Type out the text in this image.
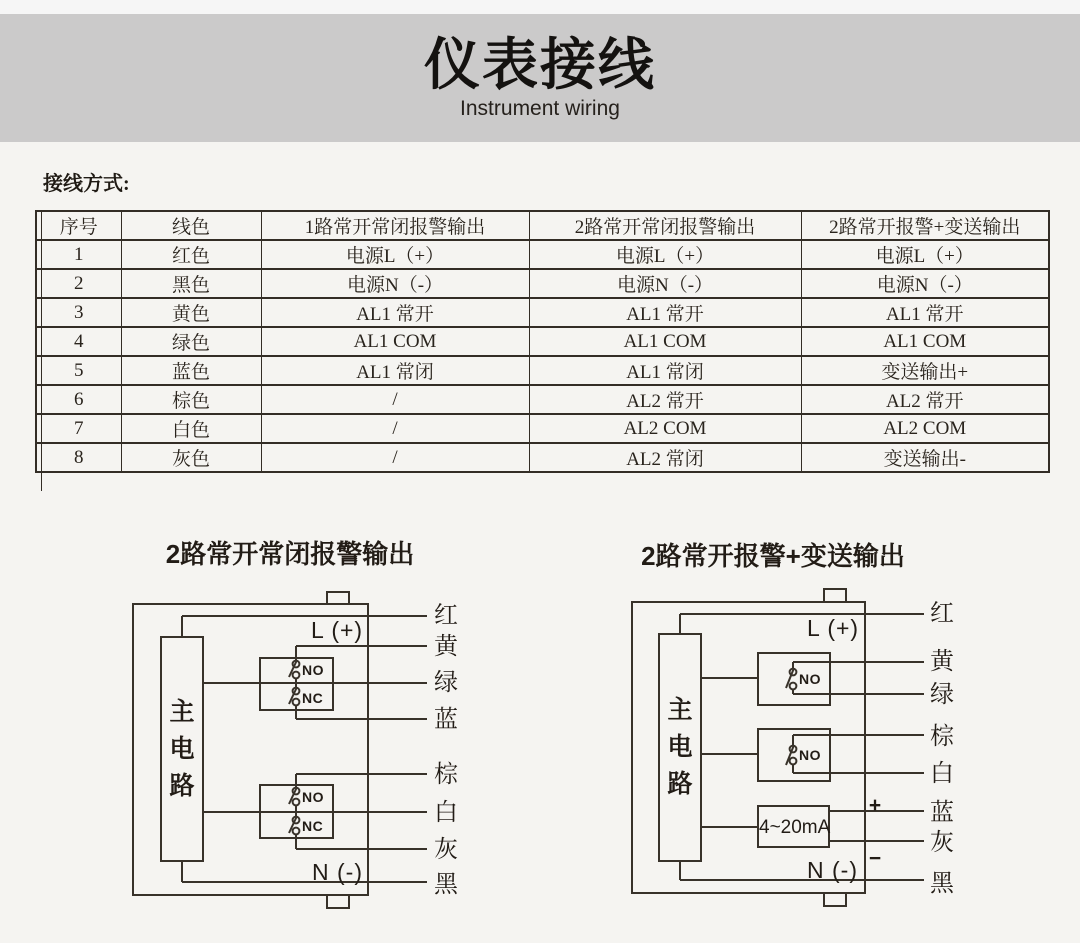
仪表接线
Instrument wiring
接线方式:
序号	线色	1路常开常闭报警输出	2路常开常闭报警输出	2路常开报警+变送输出
1	红色	电源L（+）	电源L（+）	电源L（+）
2	黑色	电源N（-）	电源N（-）	电源N（-）
3	黄色	AL1 常开	AL1 常开	AL1 常开
4	绿色	AL1 COM	AL1 COM	AL1 COM
5	蓝色	AL1 常闭	AL1 常闭	变送输出+
6	棕色	/	AL2 常开	AL2 常开
7	白色	/	AL2 COM	AL2 COM
8	灰色	/	AL2 常闭	变送输出-
2路常开常闭报警输出
主电路
L (+)
N (-)
NO
NC
NO
NC
红
黄
绿
蓝
棕
白
灰
黑
2路常开报警+变送输出
主电路
L (+)
N (-)
NO
NO
4~20mA
+
−
红
黄
绿
棕
白
蓝
灰
黑
